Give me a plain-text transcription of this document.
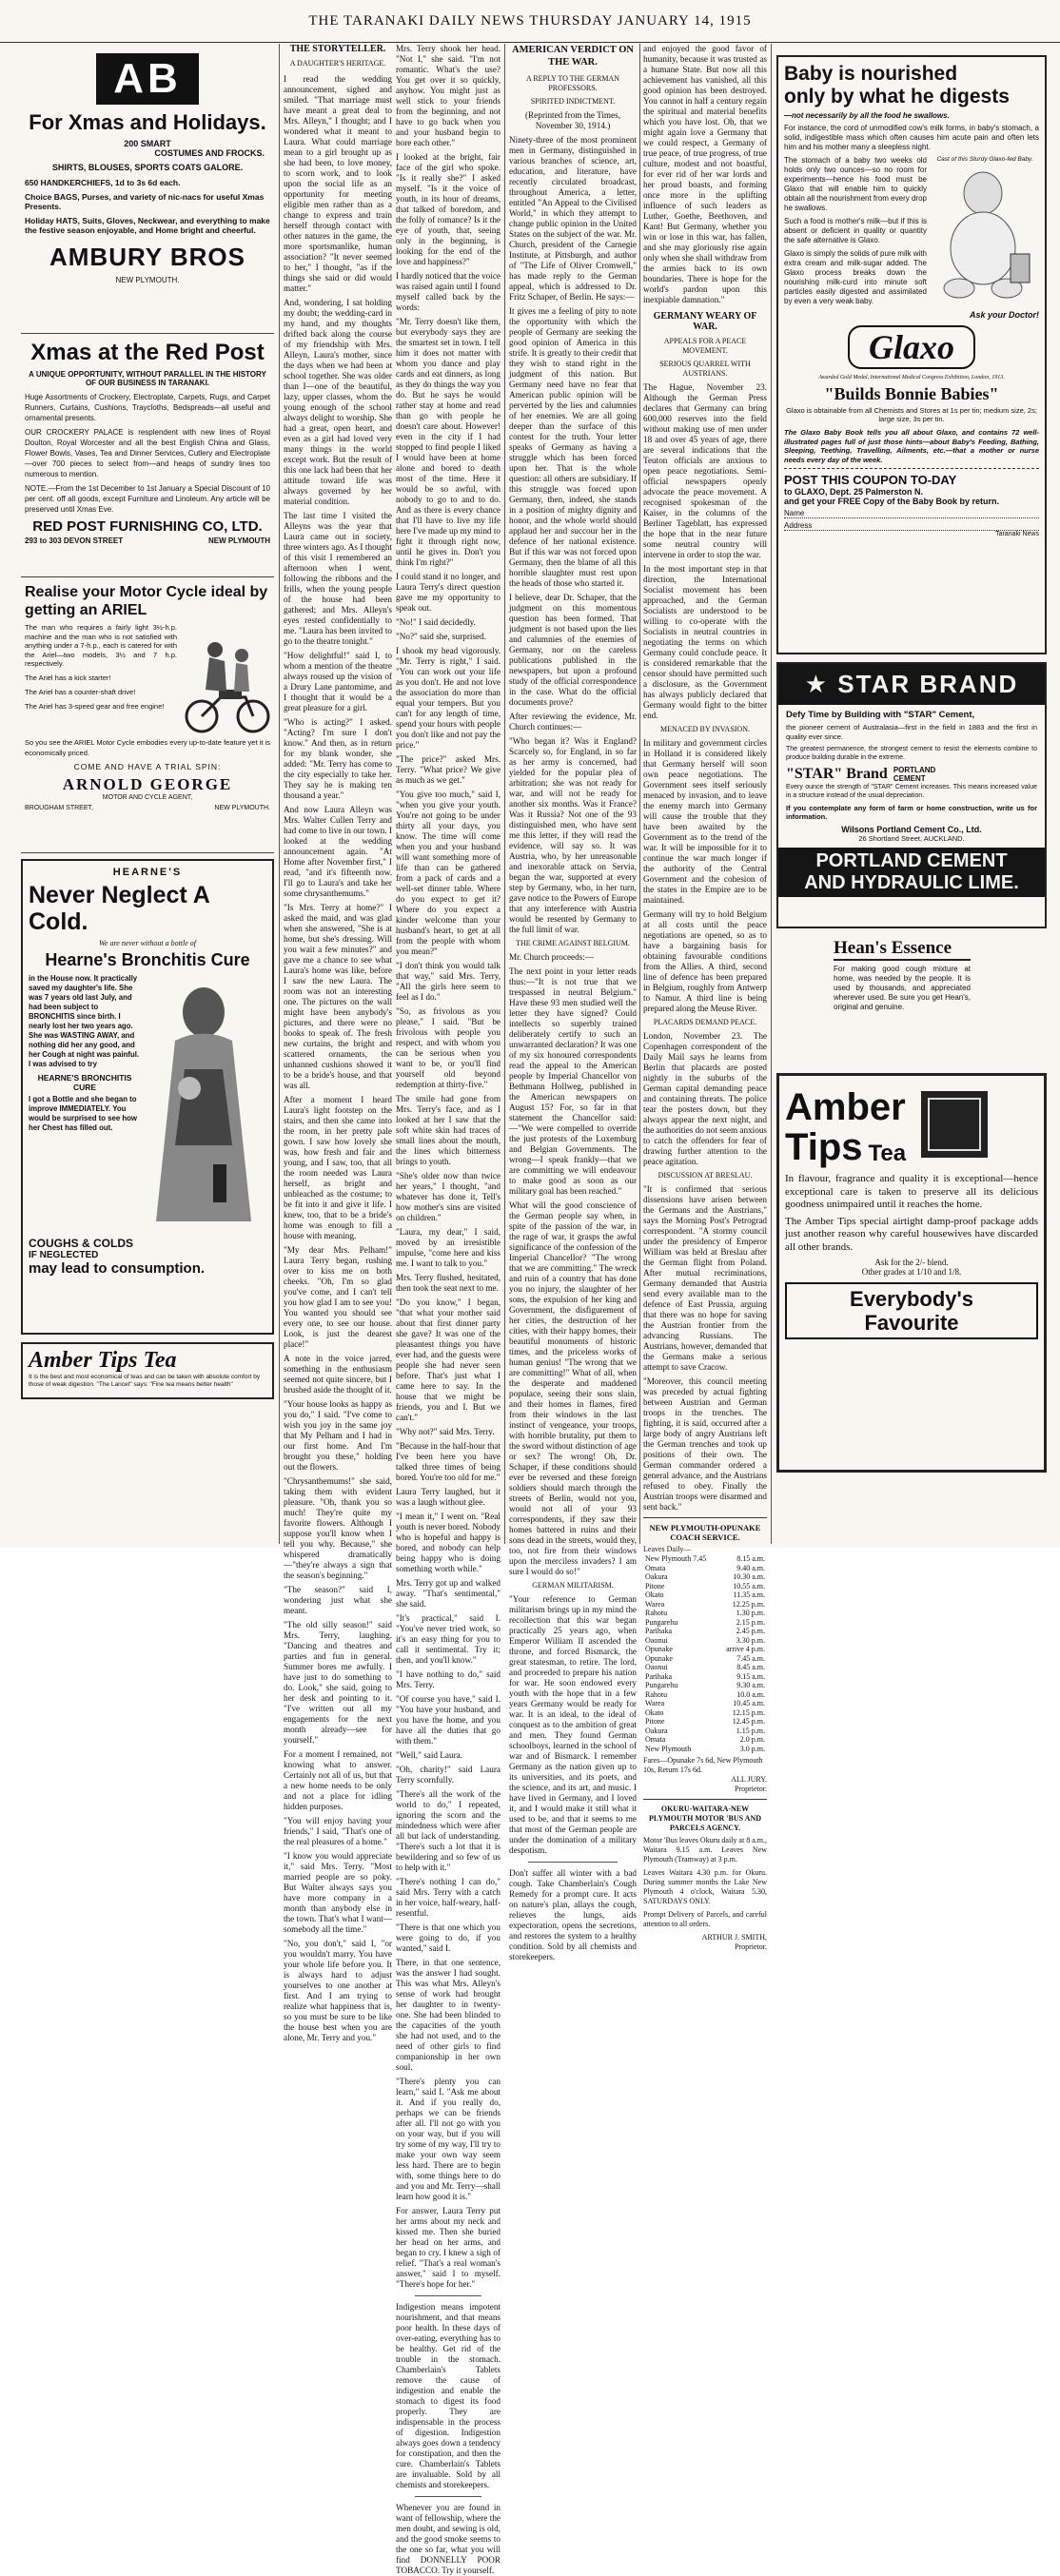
THE TARANAKI DAILY NEWS THURSDAY JANUARY 14, 1915
AB
For Xmas and Holidays.
200 SMART
COSTUMES AND FROCKS.
SHIRTS, BLOUSES, SPORTS COATS GALORE.
650 HANDKERCHIEFS, 1d to 3s 6d each.
Choice BAGS, Purses, and variety of nic-nacs for useful Xmas Presents.
Holiday HATS, Suits, Gloves, Neckwear, and everything to make the festive season enjoyable, and Home bright and cheerful.
AMBURY BROS
NEW PLYMOUTH.
Xmas at the Red Post
A UNIQUE OPPORTUNITY, WITHOUT PARALLEL IN THE HISTORY OF OUR BUSINESS IN TARANAKI.
Huge Assortments of Crockery, Electroplate, Carpets, Rugs, and Carpet Runners, Curtains, Cushions, Traycloths, Bedspreads—all useful and ornamental presents.
OUR CROCKERY PALACE is resplendent with new lines of Royal Doulton, Royal Worcester and all the best English China and Glass, Flower Bowls, Vases, Tea and Dinner Services, Cutlery and Electroplate—over 700 pieces to select from—and heaps of sundry lines too numerous to mention.
NOTE.—From the 1st December to 1st January a Special Discount of 10 per cent. off all goods, except Furniture and Linoleum. Any article will be preserved until Xmas Eve.
RED POST FURNISHING CO, LTD.
293 to 303 DEVON STREET	NEW PLYMOUTH
Realise your Motor Cycle ideal by getting an ARIEL
The man who requires a fairly light 3½-h.p. machine and the man who is not satisfied with anything under a 7-h.p., each is catered for with the Ariel—two models, 3½ and 7 h.p. respectively.
The Ariel has a kick starter!
The Ariel has a counter-shaft drive!
The Ariel has 3-speed gear and free engine!
So you see the ARIEL Motor Cycle embodies every up-to-date feature yet it is economically priced.
COME AND HAVE A TRIAL SPIN:
ARNOLD GEORGE
MOTOR AND CYCLE AGENT,
BROUGHAM STREET,	NEW PLYMOUTH.
HEARNE'S
Never Neglect A Cold.
We are never without a bottle of
Hearne's Bronchitis Cure
in the House now. It practically saved my daughter's life. She was 7 years old last July, and had been subject to BRONCHITIS since birth. I nearly lost her two years ago. She was WASTING AWAY, and nothing did her any good, and her Cough at night was painful. I was advised to try
HEARNE'S BRONCHITIS CURE
I got a Bottle and she began to improve IMMEDIATELY. You would be surprised to see how her Chest has filled out.
COUGHS & COLDS
IF NEGLECTED
may lead to consumption.
Amber Tips Tea
It is the best and most economical of teas and can be taken with absolute comfort by those of weak digestion. "The Lancet" says: "Fine tea means better health"
THE STORYTELLER.
A DAUGHTER'S HERITAGE.

I read the wedding announcement, sighed and smiled. "That marriage must have meant a great deal to Mrs. Alleyn," I thought; and I wondered what it meant to Laura. What could marriage mean to a girl brought up as she had been, to love money, to scorn work, and to look upon the social life as an opportunity for meeting eligible men rather than as a change to express and train herself through contact with other natures in the game, the more sportsmanlike, human association? "It never seemed to her," I thought, "as if the things she said or did would matter."

And, wondering, I sat holding my doubt; the wedding-card in my hand, and my thoughts drifted back along the course of my friendship with Mrs. Alleyn, Laura's mother, since the days when we had been at school together. She was older than I—one of the beautiful, lazy, upper classes, whom the young enough of the school always delight to worship. She had a great, open heart, and even as a girl had loved very many things in the world except work. But the result of this one lack had been that her attitude toward life was always governed by her material condition.

The last time I visited the Alleyns was the year that Laura came out in society, three winters ago. As I thought of this visit I remembered an afternoon when I went, following the ribbons and the frills, when the young people of the house had been gathered; and Mrs. Alleyn's eyes rested confidentially to me. "Laura has been invited to go to the theatre tonight."

"How delightful!" said I, to whom a mention of the theatre always roused up the vision of a Drury Lane pantomime, and I thought that it would be a great pleasure for a girl.

"Who is acting?" I asked. "Acting? I'm sure I don't know." And then, as in return for my blank wonder, she added: "Mr. Terry has come to the city especially to take her. They say he is making ten thousand a year."

And now Laura Alleyn was Mrs. Walter Cullen Terry and had come to live in our town. I looked at the wedding announcement again. "At Home after November first," I read, "and it's fifteenth now. I'll go to Laura's and take her some chrysanthemums."

"Is Mrs. Terry at home?" I asked the maid, and was glad when she answered, "She is at home, but she's dressing. Will you wait a few minutes?" and gave me a chance to see what Laura's home was like, before I saw the new Laura. The room was not an interesting one. The pictures on the wall might have been anybody's pictures, and there were no books to speak of. The fresh new curtains, the bright and scattered ornaments, the unhanned cushions showed it to be a bride's house, and that was all.

After a moment I heard Laura's light footstep on the stairs, and then she came into the room, in her pretty pale gown. I saw how lovely she was, how fresh and fair and young, and I saw, too, that all the room needed was Laura herself, as bright and unbleached as the costume; to be fit into it and give it life. I knew, too, that to be a bride's home was enough to fill a house with meaning.

"My dear Mrs. Pelham!" Laura Terry began, rushing over to kiss me on both cheeks. "Oh, I'm so glad you've come, and I can't tell you how glad I am to see you! You wanted you should see every one, to see our house. Look, is just the dearest place!"

A note in the voice jarred, something in the enthusiasm seemed not quite sincere, but I brushed aside the thought of it.

"Your house looks as happy as you do," I said. "I've come to wish you joy in the same joy that My Pelham and I had in our first home. And I'm brought you these," holding out the flowers.

"Chrysanthemums!" she said, taking them with evident pleasure. "Oh, thank you so much! They're quite my favorite flowers. Although I suppose you'll know when I tell you why. Because," she whispered dramatically—"they're always a sign that the season's beginning."

"The season?" said I, wondering just what she meant.

"The old silly season!" said Mrs. Terry, laughing. "Dancing and theatres and parties and fun in general. Summer bores me awfully. I have just to do something to do. Look," she said, going to her desk and pointing to it. "I've written out all my engagements for the next month already—see for yourself."

For a moment I remained, not knowing what to answer. Certainly not all of us, but that a new home needs to be only and not a place for idling hidden purposes.

"You will enjoy having your friends," I said, "That's one of the real pleasures of a home."

"I know you would appreciate it," said Mrs. Terry. "Most married people are so poky. But Walter always says you have more company in a month than anybody else in the town. That's what I want—somebody all the time."

"No, you don't," said I, "or you wouldn't marry. You have your whole life before you. It is always hard to adjust yourselves to one another at first. And I am trying to realize what happiness that is, so you must be sure to be like the house best when you are alone, Mr. Terry and you."

Mrs. Terry shook her head. "Not I," she said. "I'm not romantic. What's the use? You get over it so quickly, anyhow. You might just as well stick to your friends from the beginning, and not have to go back when you and your husband begin to bore each other."

I looked at the bright, fair face of the girl who spoke. "Is it really she?" I asked myself. "Is it the voice of youth, in its hour of dreams, that talked of boredom, and the folly of romance? Is it the eye of youth, that, seeing only in the beginning, is looking for the end of the love and happiness?"

I hardly noticed that the voice was raised again until I found myself called back by the words:

"Mr. Terry doesn't like them, but everybody says they are the smartest set in town. I tell him it does not matter with whom you dance and play cards and eat dinners, as long as they do things the way you do. But he says he would rather stay at home and read than go with people he doesn't care about. However! even in the city if I had stopped to find people I liked I would have been at home alone and bored to death most of the time. Here it would be so awful, with nobody to go to and to do. And as there is every chance that I'll have to live my life here I've made up my mind to fight it through right now, until he gives in. Don't you think I'm right?"

I could stand it no longer, and Laura Terry's direct question gave me my opportunity to speak out.

"No!" I said decidedly.

"No?" said she, surprised.

I shook my head vigorously. "Mr. Terry is right," I said. "You can work out your life as you don't. He and not love the association do more than equal your tempers. But you can't for any length of time, spend your hours with people you don't like and not pay the price."

"The price?" asked Mrs. Terry. "What price? We give as much as we get."

"You give too much," said I, "when you give your youth. You're not going to be under thirty all your days, you know. The time will come when you and your husband will want something more of life than can be gathered from a pack of cards and a well-set dinner table. Where do you expect to get it? Where do you expect a kinder welcome than your husband's heart, to get at all from the people with whom you mean?"

"I don't think you would talk that way," said Mrs. Terry, "All the girls here seem to feel as I do."

"So, as frivolous as you please," I said. "But be frivolous with people you respect, and with whom you can be serious when you want to be, or you'll find yourself old beyond redemption at thirty-five."

The smile had gone from Mrs. Terry's face, and as I looked at her I saw that the soft white skin had traces of small lines about the mouth, the lines which bitterness brings to youth.

"She's older now than twice her years," I thought, "and whatever has done it, Tell's how mother's sins are visited on children."

"Laura, my dear," I said, moved by an irresistible impulse, "come here and kiss me. I want to talk to you."

Mrs. Terry flushed, hesitated, then took the seat next to me.

"Do you know," I began, "that what your mother said about that first dinner party she gave? It was one of the pleasantest things you have ever had, and the guests were people she had never seen before. That's just what I came here to say. In the house that we might be friends, you and I. But we can't."

"Why not?" said Mrs. Terry.

"Because in the half-hour that I've been here you have talked three times of being bored. You're too old for me."

Laura Terry laughed, but it was a laugh without glee.

"I mean it," I went on. "Real youth is never bored. Nobody who is hopeful and happy is bored, and nobody can help being happy who is doing something worth while."

Mrs. Terry got up and walked away. "That's sentimental," she said.

"It's practical," said I. "You've never tried work, so it's an easy thing for you to call it sentimental. Try it; then, and you'll know."

"I have nothing to do," said Mrs. Terry.

"Of course you have," said I. "You have your husband, and you have the home, and you have all the duties that go with them."

"Well," said Laura.

"Oh, charity!" said Laura Terry scornfully.

"There's all the work of the world to do," I repeated, ignoring the scorn and the mindedness which were after all but lack of understanding. "There's such a lot that it is bewildering and so few of us to help with it."

"There's nothing I can do," said Mrs. Terry with a catch in her voice, half-weary, half-resentful.

"There is that one which you were going to do, if you wanted," said I.

There, in that one sentence, was the answer I had sought. This was what Mrs. Alleyn's sense of work had brought her daughter to in twenty-one. She had been blinded to the capacities of the youth she had not used, and to the need of other girls to find companionship in her own soul.

"There's plenty you can learn," said I. "Ask me about it. And if you really do, perhaps we can be friends after all. I'll not go with you on your way, but if you will try some of my way, I'll try to make your own way seem less hard. There are to begin with, some things here to do and you and Mr. Terry—shall learn how good it is."

For answer, Laura Terry put her arms about my neck and kissed me. Then she buried her head on her arms, and began to cry. I knew a sigh of relief. "That's a real woman's answer," said I to myself. "There's hope for her."

Indigestion means impotent nourishment, and that means poor health. In these days of over-eating, everything has to be healthy. Get rid of the trouble in the stomach. Chamberlain's Tablets remove the cause of indigestion and enable the stomach to digest its food properly. They are indispensable in the process of digestion. Indigestion always goes down a tendency for constipation, and then the cure. Chamberlain's Tablets are invaluable. Sold by all chemists and storekeepers.

Whenever you are found in want of fellowship, where the men doubt, and sewing is old, and the good smoke seems to the one so far, what you will find DONNELLY POOR TOBACCO. Try it yourself.

AMERICAN VERDICT ON THE WAR.
A REPLY TO THE GERMAN PROFESSORS.
SPIRITED INDICTMENT.
(Reprinted from the Times, November 30, 1914.)

Ninety-three of the most prominent men in Germany, distinguished in various branches of science, art, education, and literature, have recently circulated broadcast, throughout America, a letter, entitled "An Appeal to the Civilised World," in which they attempt to change public opinion in the United States on the subject of the war. Mr. Church, president of the Carnegie Institute, at Pittsburgh, and author of "The Life of Oliver Cromwell," has made reply to the German appeal, which is addressed to Dr. Fritz Schaper, of Berlin. He says:—

It gives me a feeling of pity to note the opportunity with which the people of Germany are seeking the good opinion of America in this strife. It is greatly to their credit that they wish to stand right in the judgment of this nation. But Germany need have no fear that American public opinion will be perverted by the lies and calumnies of her enemies. We are all going deeper than the surface of this contest for the truth. Your letter speaks of Germany as having a struggle which has been forced upon her. That is the whole question: all others are subsidiary. If this struggle was forced upon Germany, then, indeed, she stands in a position of mighty dignity and honor, and the whole world should applaud her and succour her in the defence of her national existence. But if this war was not forced upon Germany, then the blame of all this horrible slaughter must rest upon the heads of those who started it.

I believe, dear Dr. Schaper, that the judgment on this momentous question has been formed. That judgment is not based upon the lies and calumnies of the enemies of Germany, nor on the careless publications published in the newspapers, but upon a profound study of the official correspondence in the case. What do the official documents prove?

After reviewing the evidence, Mr. Church continues:—

"Who began it? Was it England? Scarcely so, for England, in so far as her army is concerned, had yielded for the popular plea of arbitration; she was not ready for war, and will not be ready for another six months. Was it France? Was it Russia? Not one of the 93 distinguished men, who have sent me this letter, if they will read the evidence, will say so. It was Austria, who, by her unreasonable and inexorable attack on Servia, began the war, supported at every step by Germany, who, in her turn, gave notice to the Powers of Europe that any interference with Austria would be resented by Germany to the full limit of war.

THE CRIME AGAINST BELGIUM.

Mr. Church proceeds:—

The next point in your letter reads thus:—"It is not true that we trespassed in neutral Belgium." Have these 93 men studied well the letter they have signed? Could intellects so superbly trained deliberately certify to such an unwarranted declaration? It was one of my six honoured correspondents read the appeal to the American people by Imperial Chancellor von Bethmann Hollweg, published in the American newspapers on August 15? For, so far in that statement the Chancellor said:—"We were compelled to override the just protests of the Luxemburg and Belgian Governments. The wrong—I speak frankly—that we are committing we will endeavour to make good as soon as our military goal has been reached."

What will the good conscience of the German people say when, in spite of the passion of the war, in the rage of war, it grasps the awful significance of the confession of the Imperial Chancellor? "The wrong that we are committing." The wreck and ruin of a country that has done you no injury, the slaughter of her sons, the expulsion of her king and Government, the disfigurement of her cities, the destruction of her cities, with their happy homes, their beautiful monuments of historic times, and the priceless works of human genius! "The wrong that we are committing!" What of all, when the desperate and maddened populace, seeing their sons slain, and their homes in flames, fired from their windows in the last instinct of vengeance, your troops, with horrible brutality, put them to the sword without distinction of age or sex? The wrong! Oh, Dr. Schaper, if these conditions should ever be reversed and these foreign soldiers should march through the streets of Berlin, would not you, would not all of your 93 correspondents, if they saw their homes battered in ruins and their sons dead in the streets, would they, too, not fire from their windows upon the merciless invaders? I am sure I would do so!"

GERMAN MILITARISM.

"Your reference to German militarism brings up in my mind the recollection that this war began practically 25 years ago, when Emperor William II ascended the throne, and forced Bismarck, the great statesman, to retire. The lord, and proceeded to prepare his nation for war. He soon endowed every youth with the hope that in a few years Germany would be ready for war. It is an ideal, to the ideal of conquest as to the ambition of great and men. They found German schoolboys, learned in the school of war and of Bismarck. I remember Germany as the nation given up to its universities, and its poets, and the science, and its art, and music. I have lived in Germany, and I loved it, and I would make it still what it used to be, and that it seems to me that most of the German people are under the domination of a military despotism.

Don't suffer all winter with a bad cough. Take Chamberlain's Cough Remedy for a prompt cure. It acts on nature's plan, allays the cough, relieves the lungs, aids expectoration, opens the secretions, and restores the system to a healthy condition. Sold by all chemists and storekeepers.

and enjoyed the good favor of humanity, because it was trusted as a humane State. But now all this achievement has vanished, all this good opinion has been destroyed. You cannot in half a century regain the spiritual and material benefits which you have lost. Oh, that we might again love a Germany that we could respect, a Germany of true peace, of true progress, of true culture, modest and not boastful, for ever rid of her war lords and her proud boasts, and forming once more in the uplifting influence of such leaders as Luther, Goethe, Beethoven, and Kant! But Germany, whether you win or lose in this war, has fallen, and she may gloriously rise again only when she shall withdraw from the armies back to its own boundaries. There is hope for the world's pardon upon this inexpiable damnation."

GERMANY WEARY OF WAR.
APPEALS FOR A PEACE MOVEMENT.
SERIOUS QUARREL WITH AUSTRIANS.

The Hague, November 23. Although the German Press declares that Germany can bring 600,000 reserves into the field without making use of men under 18 and over 45 years of age, there are several indications that the Teuton officials are anxious to open peace negotiations. Semi-official newspapers openly advocate the peace movement. A recognised spokesman of the Kaiser, in the columns of the Berliner Tageblatt, has expressed the hope that in the near future some neutral country will intervene in order to stop the war.

In the most important step in that direction, the International Socialist movement has been approached, and the German Socialists are understood to be willing to co-operate with the Socialists in neutral countries in negotiating the terms on which Germany could conclude peace. It is considered remarkable that the censor should have permitted such a disclosure, as the Government has always publicly declared that Germany would fight to the bitter end.

MENACED BY INVASION.

In military and government circles in Holland it is considered likely that Germany herself will soon own peace negotiations. The Government sees itself seriously menaced by invasion, and to leave the enemy march into Germany will cause the trouble that they have been awaited by the Government as to the trend of the war. It will be impossible for it to continue the war much longer if the authority of the Central Government and the cohesion of the states in the Empire are to be maintained.

Germany will try to hold Belgium at all costs until the peace negotiations are opened, so as to have a bargaining basis for obtaining favourable conditions from the Allies. A third, second line of defence has been prepared in Belgium, roughly from Antwerp to Namur. A third line is being prepared along the Meuse River.

PLACARDS DEMAND PEACE.

London, November 23. The Copenhagen correspondent of the Daily Mail says he learns from Berlin that placards are posted nightly in the suburbs of the German capital demanding peace and containing threats. The police tear the posters down, but they always appear the next night, and the authorities do not seem anxious to catch the offenders for fear of drawing further attention to the peace agitation.

DISCUSSION AT BRESLAU.

"It is confirmed that serious dissensions have arisen between the Germans and the Austrians," says the Morning Post's Petrograd correspondent. "A stormy council under the presidency of Emperor William was held at Breslau after the German flight from Poland. After mutual recriminations, Germany demanded that Austria send every available man to the defence of East Prussia, arguing that there was no hope for saving the Austrian frontier from the advancing Russians. The Austrians, however, demanded that the Germans make a serious attempt to save Cracow.

"Moreover, this council meeting was preceded by actual fighting between Austrian and German troops in the trenches. The fighting, it is said, occurred after a large body of angry Austrians left the German trenches and took up positions of their own. The German commander ordered a general advance, and the Austrians refused to obey. Finally the Austrian troops were disarmed and sent back."

NEW PLYMOUTH-OPUNAKE COACH SERVICE.
Leaves Daily—
New Plymouth 7.45	8.15 a.m.
Omata	9.40 a.m.
Oakura	10.30 a.m.
Pitone	10.55 a.m.
Okato	11.35 a.m.
Warea	12.25 p.m.
Rahotu	1.30 p.m.
Pungarehu	2.15 p.m.
Parihaka	2.45 p.m.
Oaonui	3.30 p.m.
Opunake	arrive 4 p.m.
Opunake	7.45 a.m.
Oaonui	8.45 a.m.
Parihaka	9.15 a.m.
Pungarehu	9.30 a.m.
Rahotu	10.0 a.m.
Warea	10.45 a.m.
Okato	12.15 p.m.
Pitone	12.45 p.m.
Oakura	1.15 p.m.
Omata	2.0 p.m.
New Plymouth	3.0 p.m.
Fares—Opunake 7s 6d, New Plymouth 10s, Return 17s 6d.
ALL JURY.
Proprietor.
OKURU-WAITARA-NEW PLYMOUTH MOTOR 'BUS AND PARCELS AGENCY.

Motor 'Bus leaves Okuru daily at 8 a.m., Waitara 9.15 a.m. Leaves New Plymouth (Tramway) at 3 p.m.

Leaves Waitara 4.30 p.m. for Okuru. During summer months the Lake New Plymouth 4 o'clock, Waitara 5.30, SATURDAYS ONLY.

Prompt Delivery of Parcels, and careful attention to all orders.

ARTHUR J. SMITH,
Proprietor.
Baby is nourished
only by what he digests
—not necessarily by all the food he swallows.
For instance, the cord of unmodified cow's milk forms, in baby's stomach, a solid, indigestible mass which often causes him acute pain and often lets him and his mother many a sleepless night.
The stomach of a baby two weeks old holds only two ounces—so no room for experiments—hence his food must be Glaxo that will enable him to quickly obtain all the nourishment from every drop he swallows.
Such a food is mother's milk—but if this is absent or deficient in quality or quantity the safe alternative is Glaxo.
Glaxo is simply the solids of pure milk with extra cream and milk-sugar added. The Glaxo process breaks down the nourishing milk-curd into minute soft particles easily digested and assimilated by even a very weak baby.
Cast of this Sturdy Glaxo-fed Baby.
Ask your Doctor!
Glaxo
Awarded Gold Medal, International Medical Congress Exhibition, London, 1913.
"Builds Bonnie Babies"
Glaxo is obtainable from all Chemists and Stores at 1s per tin; medium size, 2s; large size, 3s per tin.
The Glaxo Baby Book tells you all about Glaxo, and contains 72 well-illustrated pages full of just those hints—about Baby's Feeding, Bathing, Sleeping, Teething, Travelling, Ailments, etc.—that a mother or nurse needs every day of the week.
POST THIS COUPON TO-DAY
to GLAXO, Dept. 25 Palmerston N.
and get your FREE Copy of the Baby Book by return.
Name
Address
Taranaki News
★ STAR BRAND
Defy Time by Building with "STAR" Cement,
the pioneer cement of Australasia—first in the field in 1883 and the first in quality ever since.
The greatest permanence, the strongest cement to resist the elements combine to produce building durable in the extreme.
"STAR" Brand PORTLAND CEMENT
Every ounce the strength of "STAR" Cement increases. This means increased value in a structure instead of the usual depreciation.
If you contemplate any form of farm or home construction, write us for information.
Wilsons Portland Cement Co., Ltd.
26 Shortland Street, AUCKLAND.
PORTLAND CEMENT
AND HYDRAULIC LIME.
Hean's Essence
For making good cough mixture at home, was needed by the people. It is used by thousands, and appreciated wherever used. Be sure you get Hean's, original and genuine.
Amber
Tips Tea
In flavour, fragrance and quality it is exceptional—hence exceptional care is taken to preserve all its delicious goodness unimpaired until it reaches the home.
The Amber Tips special airtight damp-proof package adds just another reason why careful housewives have discarded all other brands.
Ask for the 2/- blend.
Other grades at 1/10 and 1/8.
Everybody's
Favourite
